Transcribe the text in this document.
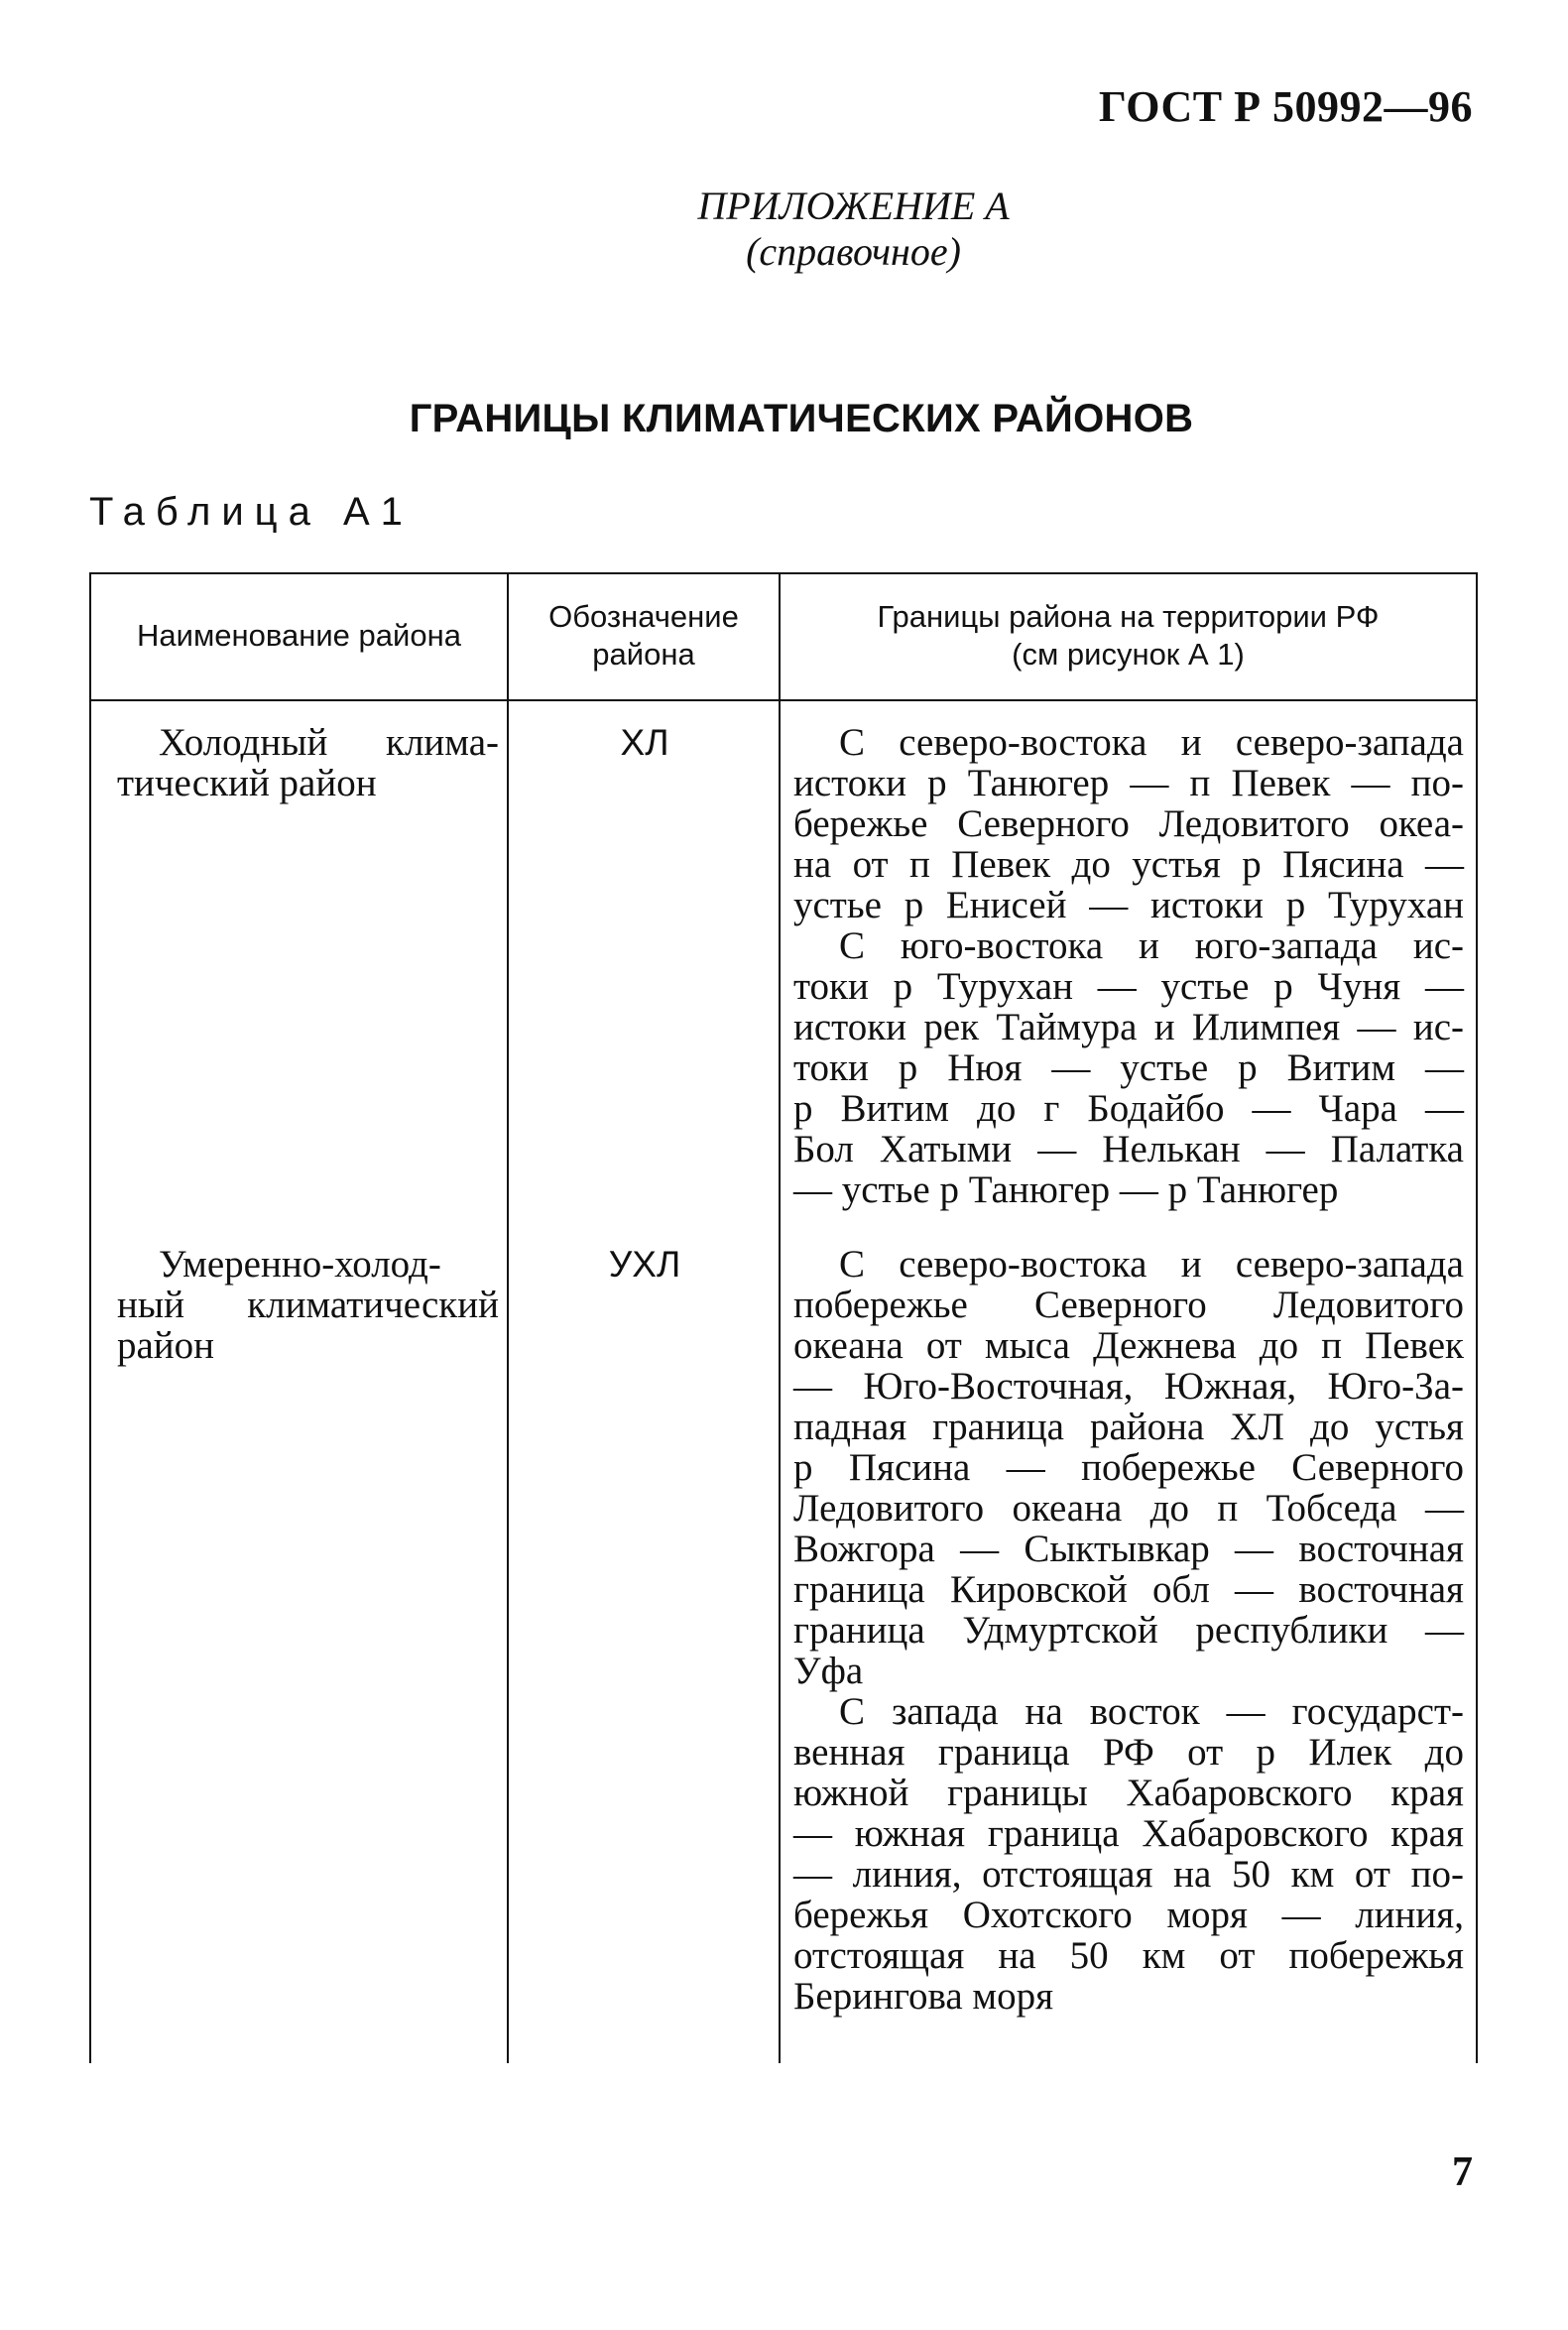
ГОСТ Р 50992—96
ПРИЛОЖЕНИЕ А
(справочное)
ГРАНИЦЫ КЛИМАТИЧЕСКИХ РАЙОНОВ
Таблица А1
Наименование района
Обозначение
района
Границы района на территории РФ
(см рисунок А 1)
Холодный клима-
тический район
ХЛ	С северо-востока и северо-запада
истоки р Танюгер — п Певек — по-
бережье Северного Ледовитого океа-
на от п Певек до устья р Пясина —
устье р Енисей — истоки р Турухан
С юго-востока и юго-запада ис-
токи р Турухан — устье р Чуня —
истоки рек Таймура и Илимпея — ис-
токи р Нюя — устье р Витим —
р Витим до г Бодайбо — Чара —
Бол Хатыми — Нелькан — Палатка
— устье р Танюгер — р Танюгер
Умеренно-холод-
ный климатический
район
УХЛ	С северо-востока и северо-запада
побережье Северного Ледовитого
океана от мыса Дежнева до п Певек
— Юго-Восточная, Южная, Юго-За-
падная граница района ХЛ до устья
р Пясина — побережье Северного
Ледовитого океана до п Тобседа —
Вожгора — Сыктывкар — восточная
граница Кировской обл — восточная
граница Удмуртской республики —
Уфа
С запада на восток — государст-
венная граница РФ от р Илек до
южной границы Хабаровского края
— южная граница Хабаровского края
— линия, отстоящая на 50 км от по-
бережья Охотского моря — линия,
отстоящая на 50 км от побережья
Берингова моря
7
